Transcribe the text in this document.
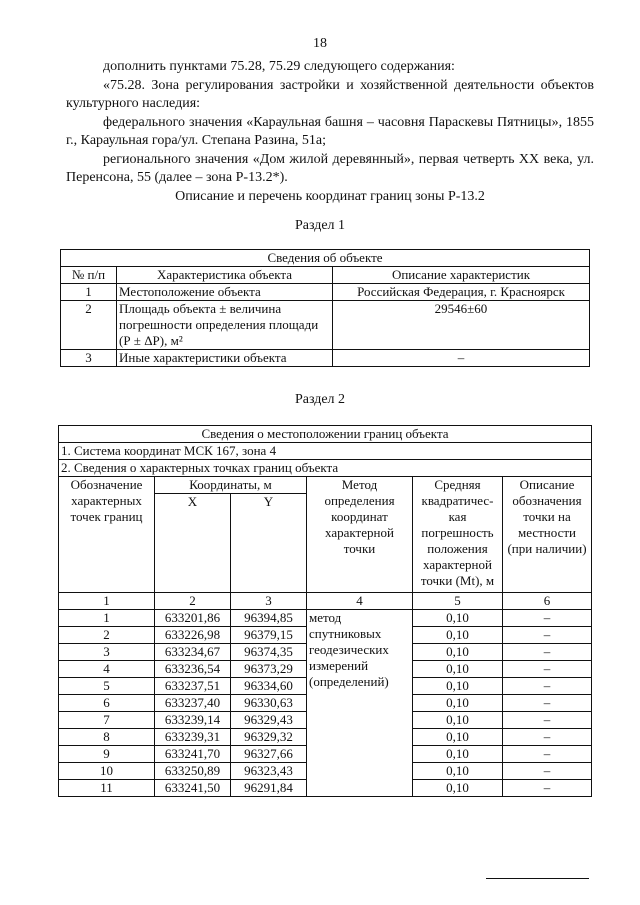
18

дополнить пунктами 75.28, 75.29 следующего содержания:

«75.28. Зона регулирования застройки и хозяйственной деятельности объектов культурного наследия:

федерального значения «Караульная башня – часовня Параскевы Пятницы», 1855 г., Караульная гора/ул. Степана Разина, 51а;

регионального значения «Дом жилой деревянный», первая четверть XX века, ул. Перенсона, 55 (далее – зона Р-13.2*).

Описание и перечень координат границ зоны Р-13.2

Раздел 1
Сведения об объекте		
№ п/п	Характеристика объекта	Описание характеристик
1	Местоположение объекта	Российская Федерация, г. Красноярск
2	Площадь объекта ± величина погрешности определения площади (Р ± ΔР), м²	29546±60
3	Иные характеристики объекта	–
Раздел 2
Сведения о местоположении границ объекта					
1. Система координат МСК 167, зона 4					
2. Сведения о характерных точках границ объекта					
Обозначение характерных точек границ	Координаты, м		Метод определения координат характерной точки	Средняя квадратичес-кая погрешность положения характерной точки (Mt), м	Описание обозначения точки на местности (при наличии)
	X	Y			
1	2	3	4	5	6
1	633201,86	96394,85	метод спутниковых геодезических измерений (определений)	0,10	–
2	633226,98	96379,15		0,10	–
3	633234,67	96374,35		0,10	–
4	633236,54	96373,29		0,10	–
5	633237,51	96334,60		0,10	–
6	633237,40	96330,63		0,10	–
7	633239,14	96329,43		0,10	–
8	633239,31	96329,32		0,10	–
9	633241,70	96327,66		0,10	–
10	633250,89	96323,43		0,10	–
11	633241,50	96291,84		0,10	–
